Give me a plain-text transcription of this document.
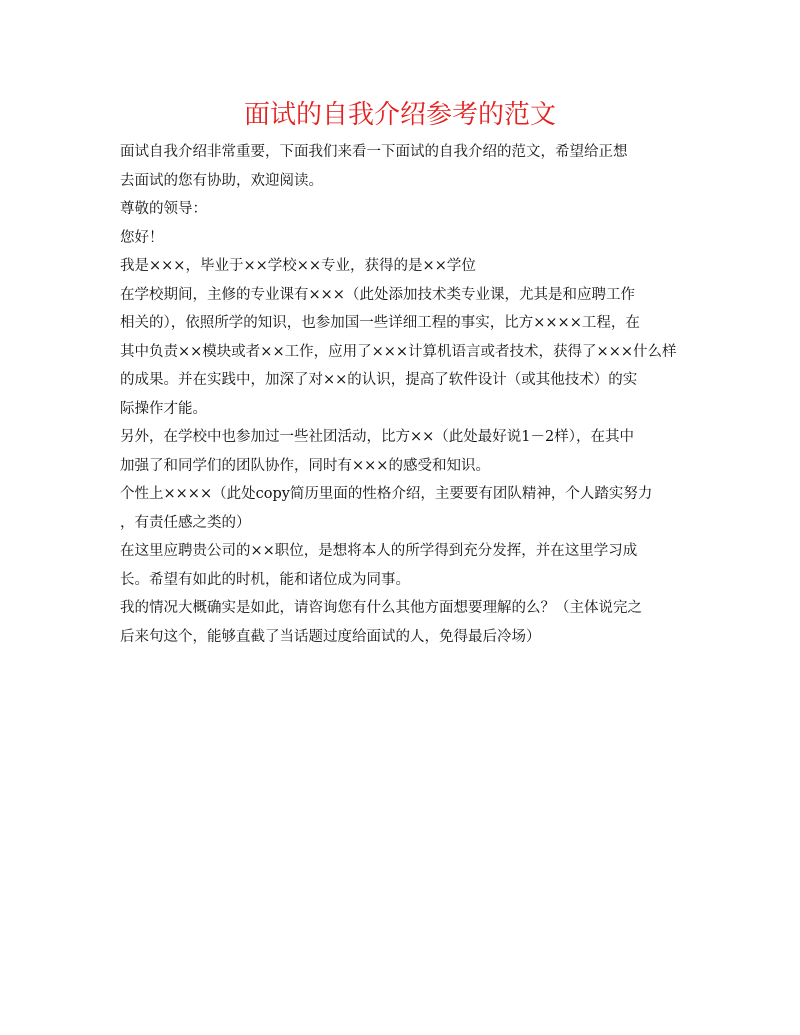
面试的自我介绍参考的范文
面试自我介绍非常重要，下面我们来看一下面试的自我介绍的范文，希望给正想
去面试的您有协助，欢迎阅读。
尊敬的领导：
您好！
我是×××，毕业于××学校××专业，获得的是××学位
在学校期间，主修的专业课有×××（此处添加技术类专业课，尤其是和应聘工作
相关的），依照所学的知识，也参加国一些详细工程的事实，比方××××工程，在
其中负责××模块或者××工作，应用了×××计算机语言或者技术，获得了×××什么样
的成果。并在实践中，加深了对××的认识，提高了软件设计（或其他技术）的实
际操作才能。
另外，在学校中也参加过一些社团活动，比方××（此处最好说1－2样），在其中
加强了和同学们的团队协作，同时有×××的感受和知识。
个性上××××（此处copy简历里面的性格介绍，主要要有团队精神，个人踏实努力
，有责任感之类的）
在这里应聘贵公司的××职位，是想将本人的所学得到充分发挥，并在这里学习成
长。希望有如此的时机，能和诸位成为同事。
我的情况大概确实是如此，请咨询您有什么其他方面想要理解的么？（主体说完之
后来句这个，能够直截了当话题过度给面试的人，免得最后冷场）
